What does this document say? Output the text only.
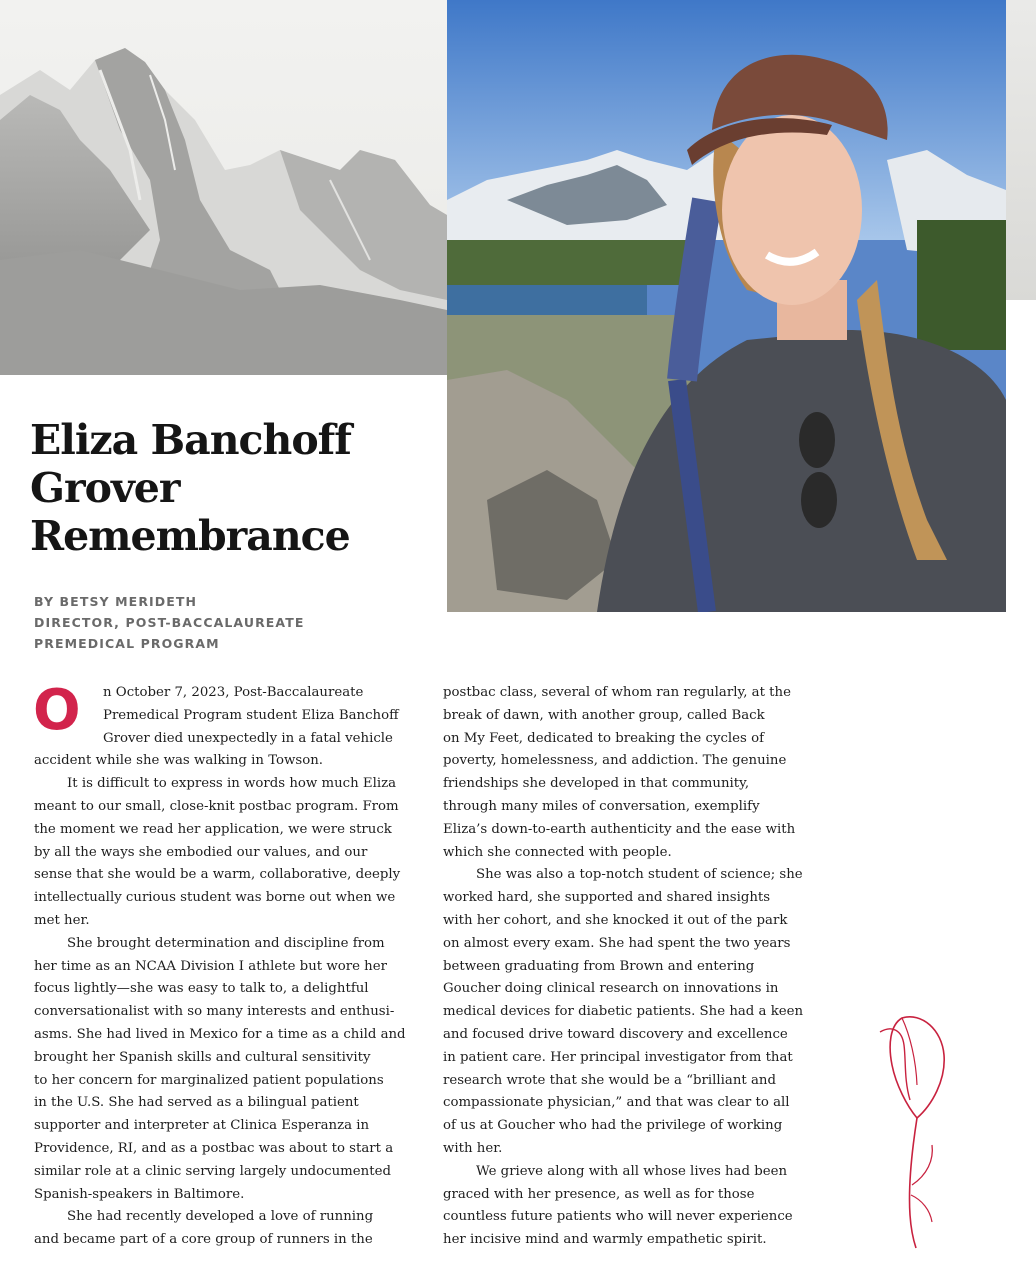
Eliza Banchoff
Grover
Remembrance
BY BETSY MERIDETH
DIRECTOR, POST-BACCALAUREATE
PREMEDICAL PROGRAM
O	n October 7, 2023, Post-Baccalaureate
Premedical Program student Eliza Banchoff
Grover died unexpectedly in a fatal vehicle
accident while she was walking in Towson.
It is difficult to express in words how much Eliza
meant to our small, close-knit postbac program. From
the moment we read her application, we were struck
by all the ways she embodied our values, and our
sense that she would be a warm, collaborative, deeply
intellectually curious student was borne out when we
met her.
She brought determination and discipline from
her time as an NCAA Division I athlete but wore her
focus lightly—she was easy to talk to, a delightful
conversationalist with so many interests and enthusi-
asms. She had lived in Mexico for a time as a child and
brought her Spanish skills and cultural sensitivity
to her concern for marginalized patient populations
in the U.S. She had served as a bilingual patient
supporter and interpreter at Clinica Esperanza in
Providence, RI, and as a postbac was about to start a
similar role at a clinic serving largely undocumented
Spanish-speakers in Baltimore.
She had recently developed a love of running
and became part of a core group of runners in the
postbac class, several of whom ran regularly, at the
break of dawn, with another group, called Back
on My Feet, dedicated to breaking the cycles of
poverty, homelessness, and addiction. The genuine
friendships she developed in that community,
through many miles of conversation, exemplify
Eliza’s down-to-earth authenticity and the ease with
which she connected with people.
She was also a top-notch student of science; she
worked hard, she supported and shared insights
with her cohort, and she knocked it out of the park
on almost every exam. She had spent the two years
between graduating from Brown and entering
Goucher doing clinical research on innovations in
medical devices for diabetic patients. She had a keen
and focused drive toward discovery and excellence
in patient care. Her principal investigator from that
research wrote that she would be a “brilliant and
compassionate physician,” and that was clear to all
of us at Goucher who had the privilege of working
with her.
We grieve along with all whose lives had been
graced with her presence, as well as for those
countless future patients who will never experience
her incisive mind and warmly empathetic spirit.
